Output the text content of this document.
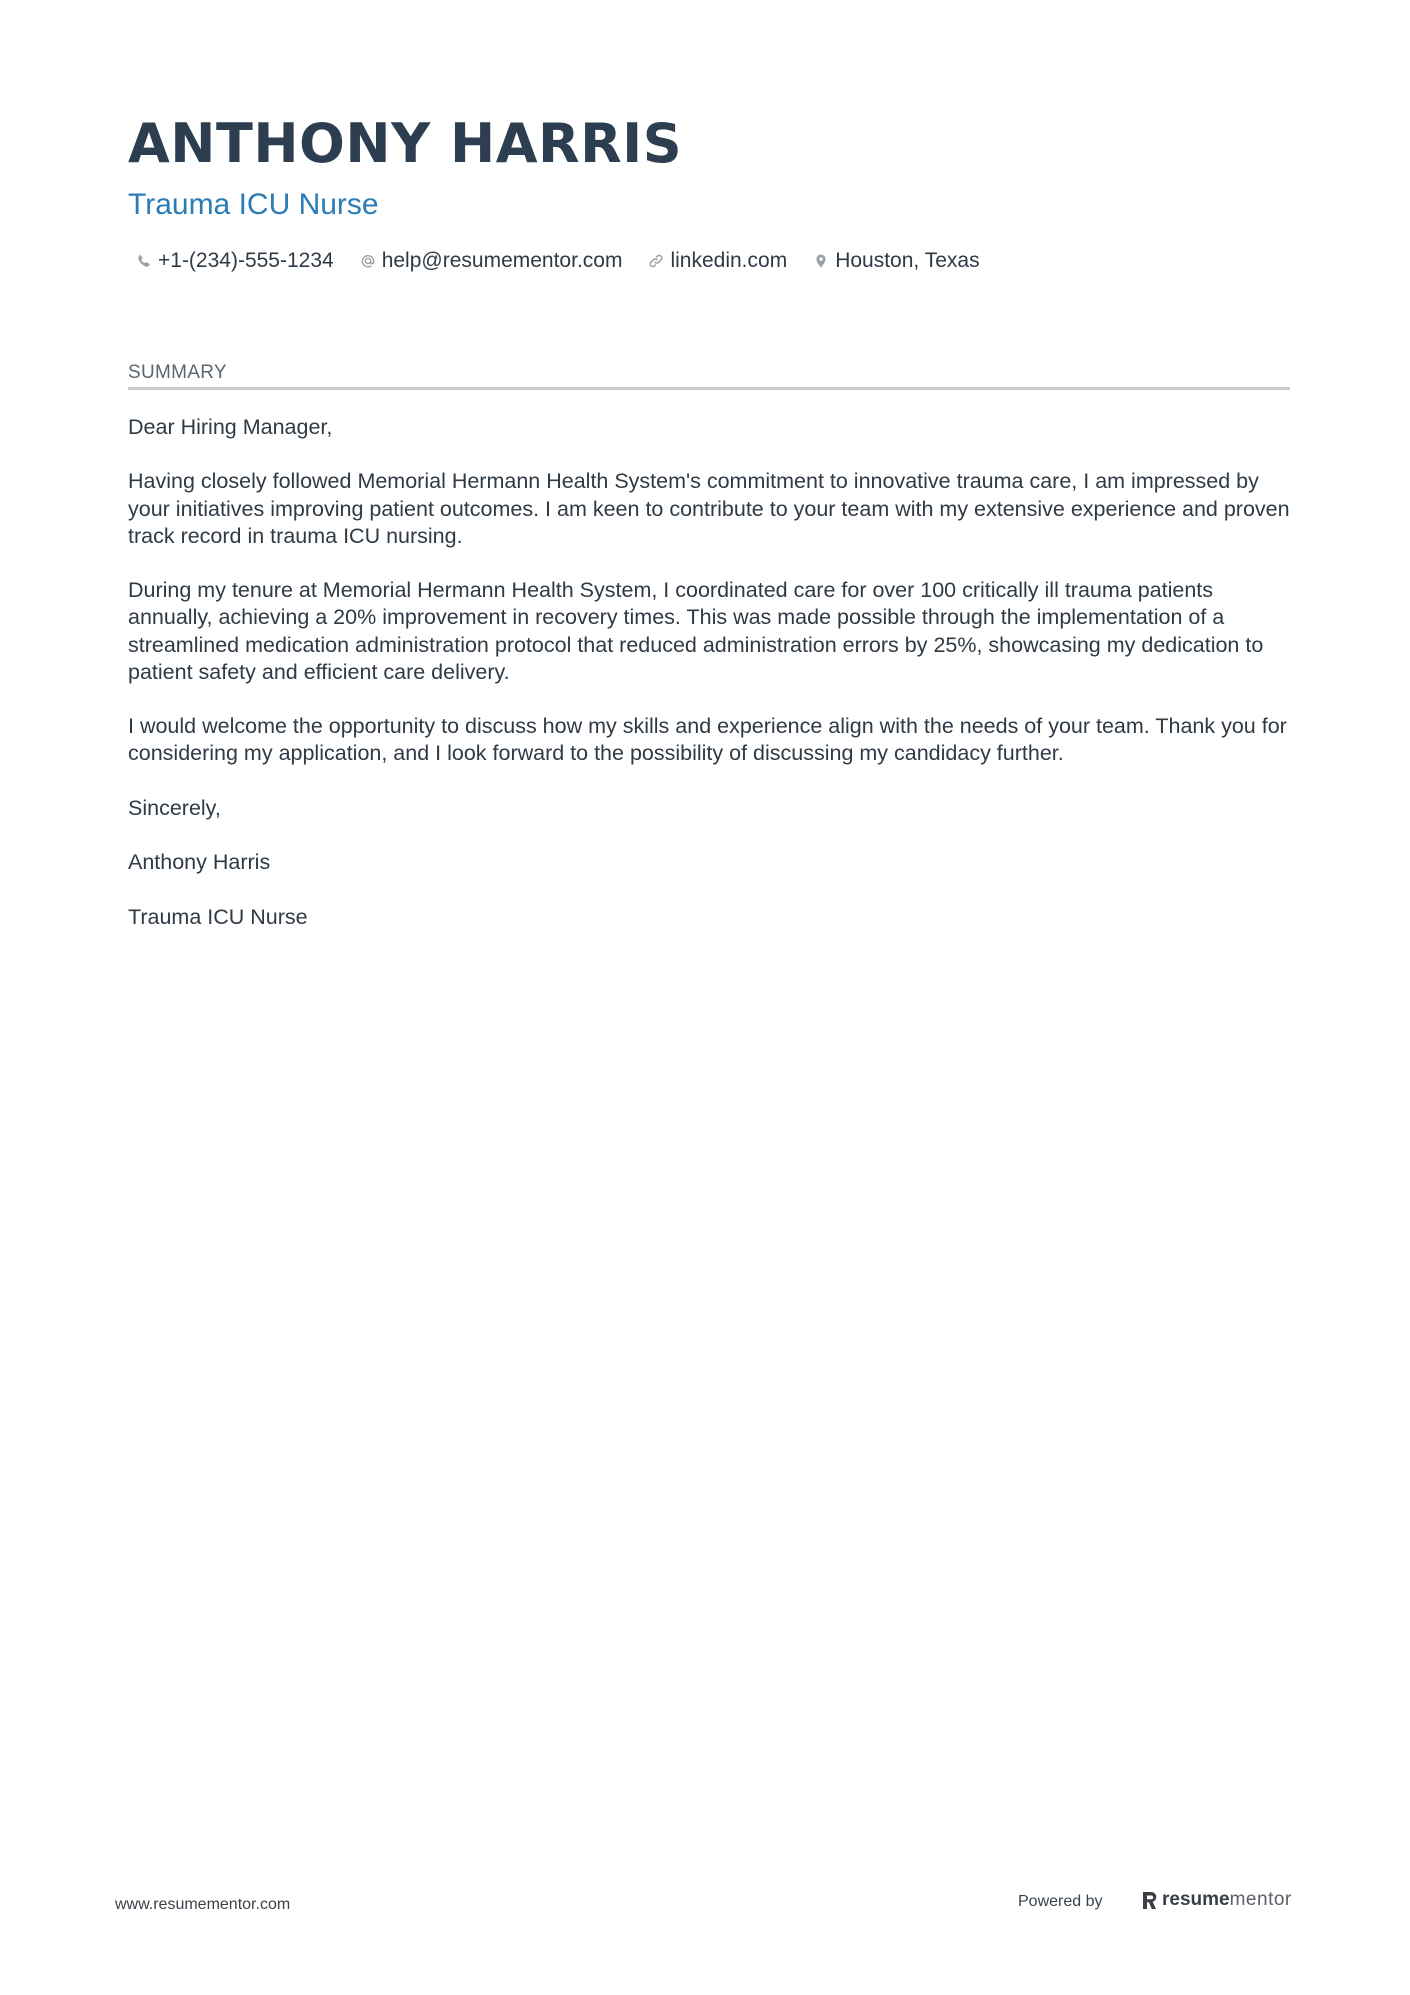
ANTHONY HARRIS
Trauma ICU Nurse
+1-(234)-555-1234 help@resumementor.com linkedin.com Houston, Texas
SUMMARY

Dear Hiring Manager,

Having closely followed Memorial Hermann Health System's commitment to innovative trauma care, I am impressed by your initiatives improving patient outcomes. I am keen to contribute to your team with my extensive experience and proven track record in trauma ICU nursing.

During my tenure at Memorial Hermann Health System, I coordinated care for over 100 critically ill trauma patients annually, achieving a 20% improvement in recovery times. This was made possible through the implementation of a streamlined medication administration protocol that reduced administration errors by 25%, showcasing my dedication to patient safety and efficient care delivery.

I would welcome the opportunity to discuss how my skills and experience align with the needs of your team. Thank you for considering my application, and I look forward to the possibility of discussing my candidacy further.

Sincerely,

Anthony Harris

Trauma ICU Nurse

www.resumementor.com	Powered by	resume mentor
